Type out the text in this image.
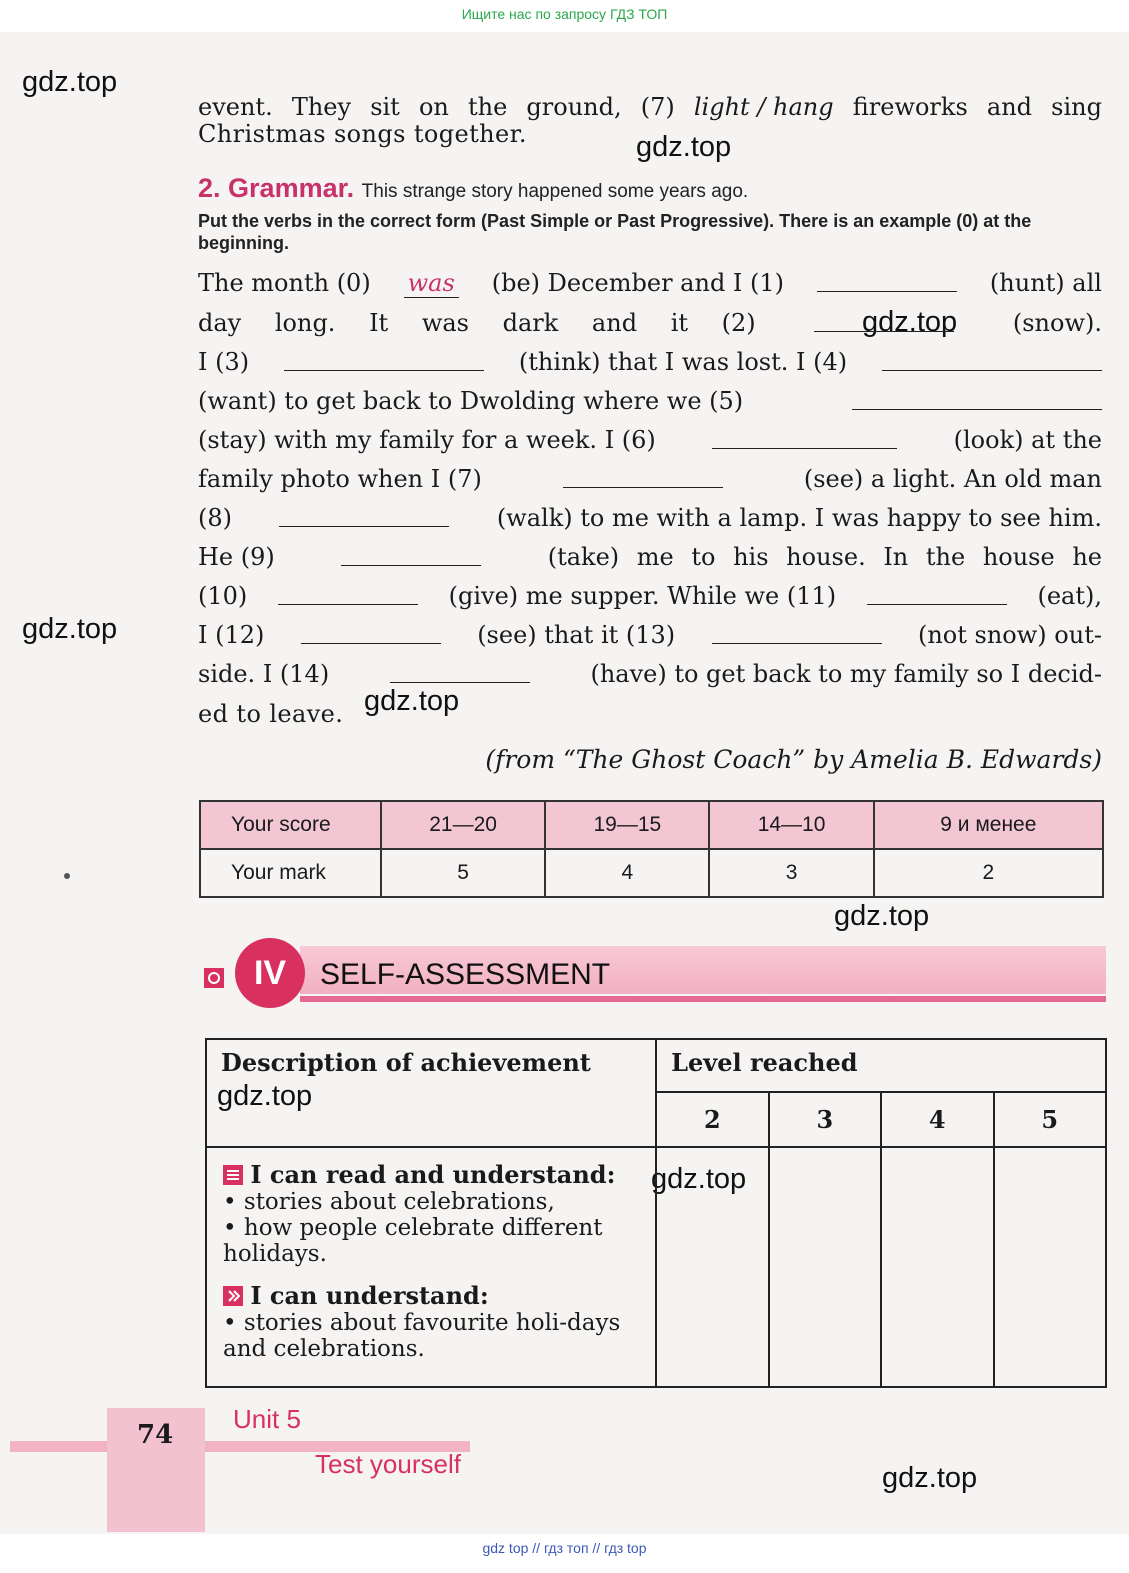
Ищите нас по запросу ГДЗ ТОП
gdz.top
gdz.top
gdz.top
gdz.top
gdz.top
gdz.top
gdz.top
gdz.top
gdz.top
event. They sit on the ground, (7) light / hang fireworks and sing
Christmas songs together.
2. Grammar. This strange story happened some years ago.
Put the verbs in the correct form (Past Simple or Past Progressive). There is an example (0) at the beginning.
The month (0) was (be) December and I (1)	(hunt) all
day long. It was dark and it (2)	(snow).
I (3)	(think) that I was lost. I (4)
(want) to get back to Dwolding where we (5)
(stay) with my family for a week. I (6)	(look) at the
family photo when I (7)	(see) a light. An old man
(8)	(walk) to me with a lamp. I was happy to see him.
He (9)	(take) me to his house. In the house he
(10)	(give) me supper. While we (11)	(eat),
I (12)	(see) that it (13)	(not snow) out-
side. I (14)	(have) to get back to my family so I decid-
ed to leave.
(from “The Ghost Coach” by Amelia B. Edwards)
Your score	21—20	19—15	14—10	9 и менее
Your mark	5	4	3	2
IV	SELF-ASSESSMENT
Description of achievement	Level reached			
	2	3	4	5

I can read and understand:
• stories about celebrations,
• how people celebrate different holidays.
I can understand:
• stories about favourite holi-days and celebrations.				

74
Unit 5
Test yourself
gdz top // гдз топ // гдз top
